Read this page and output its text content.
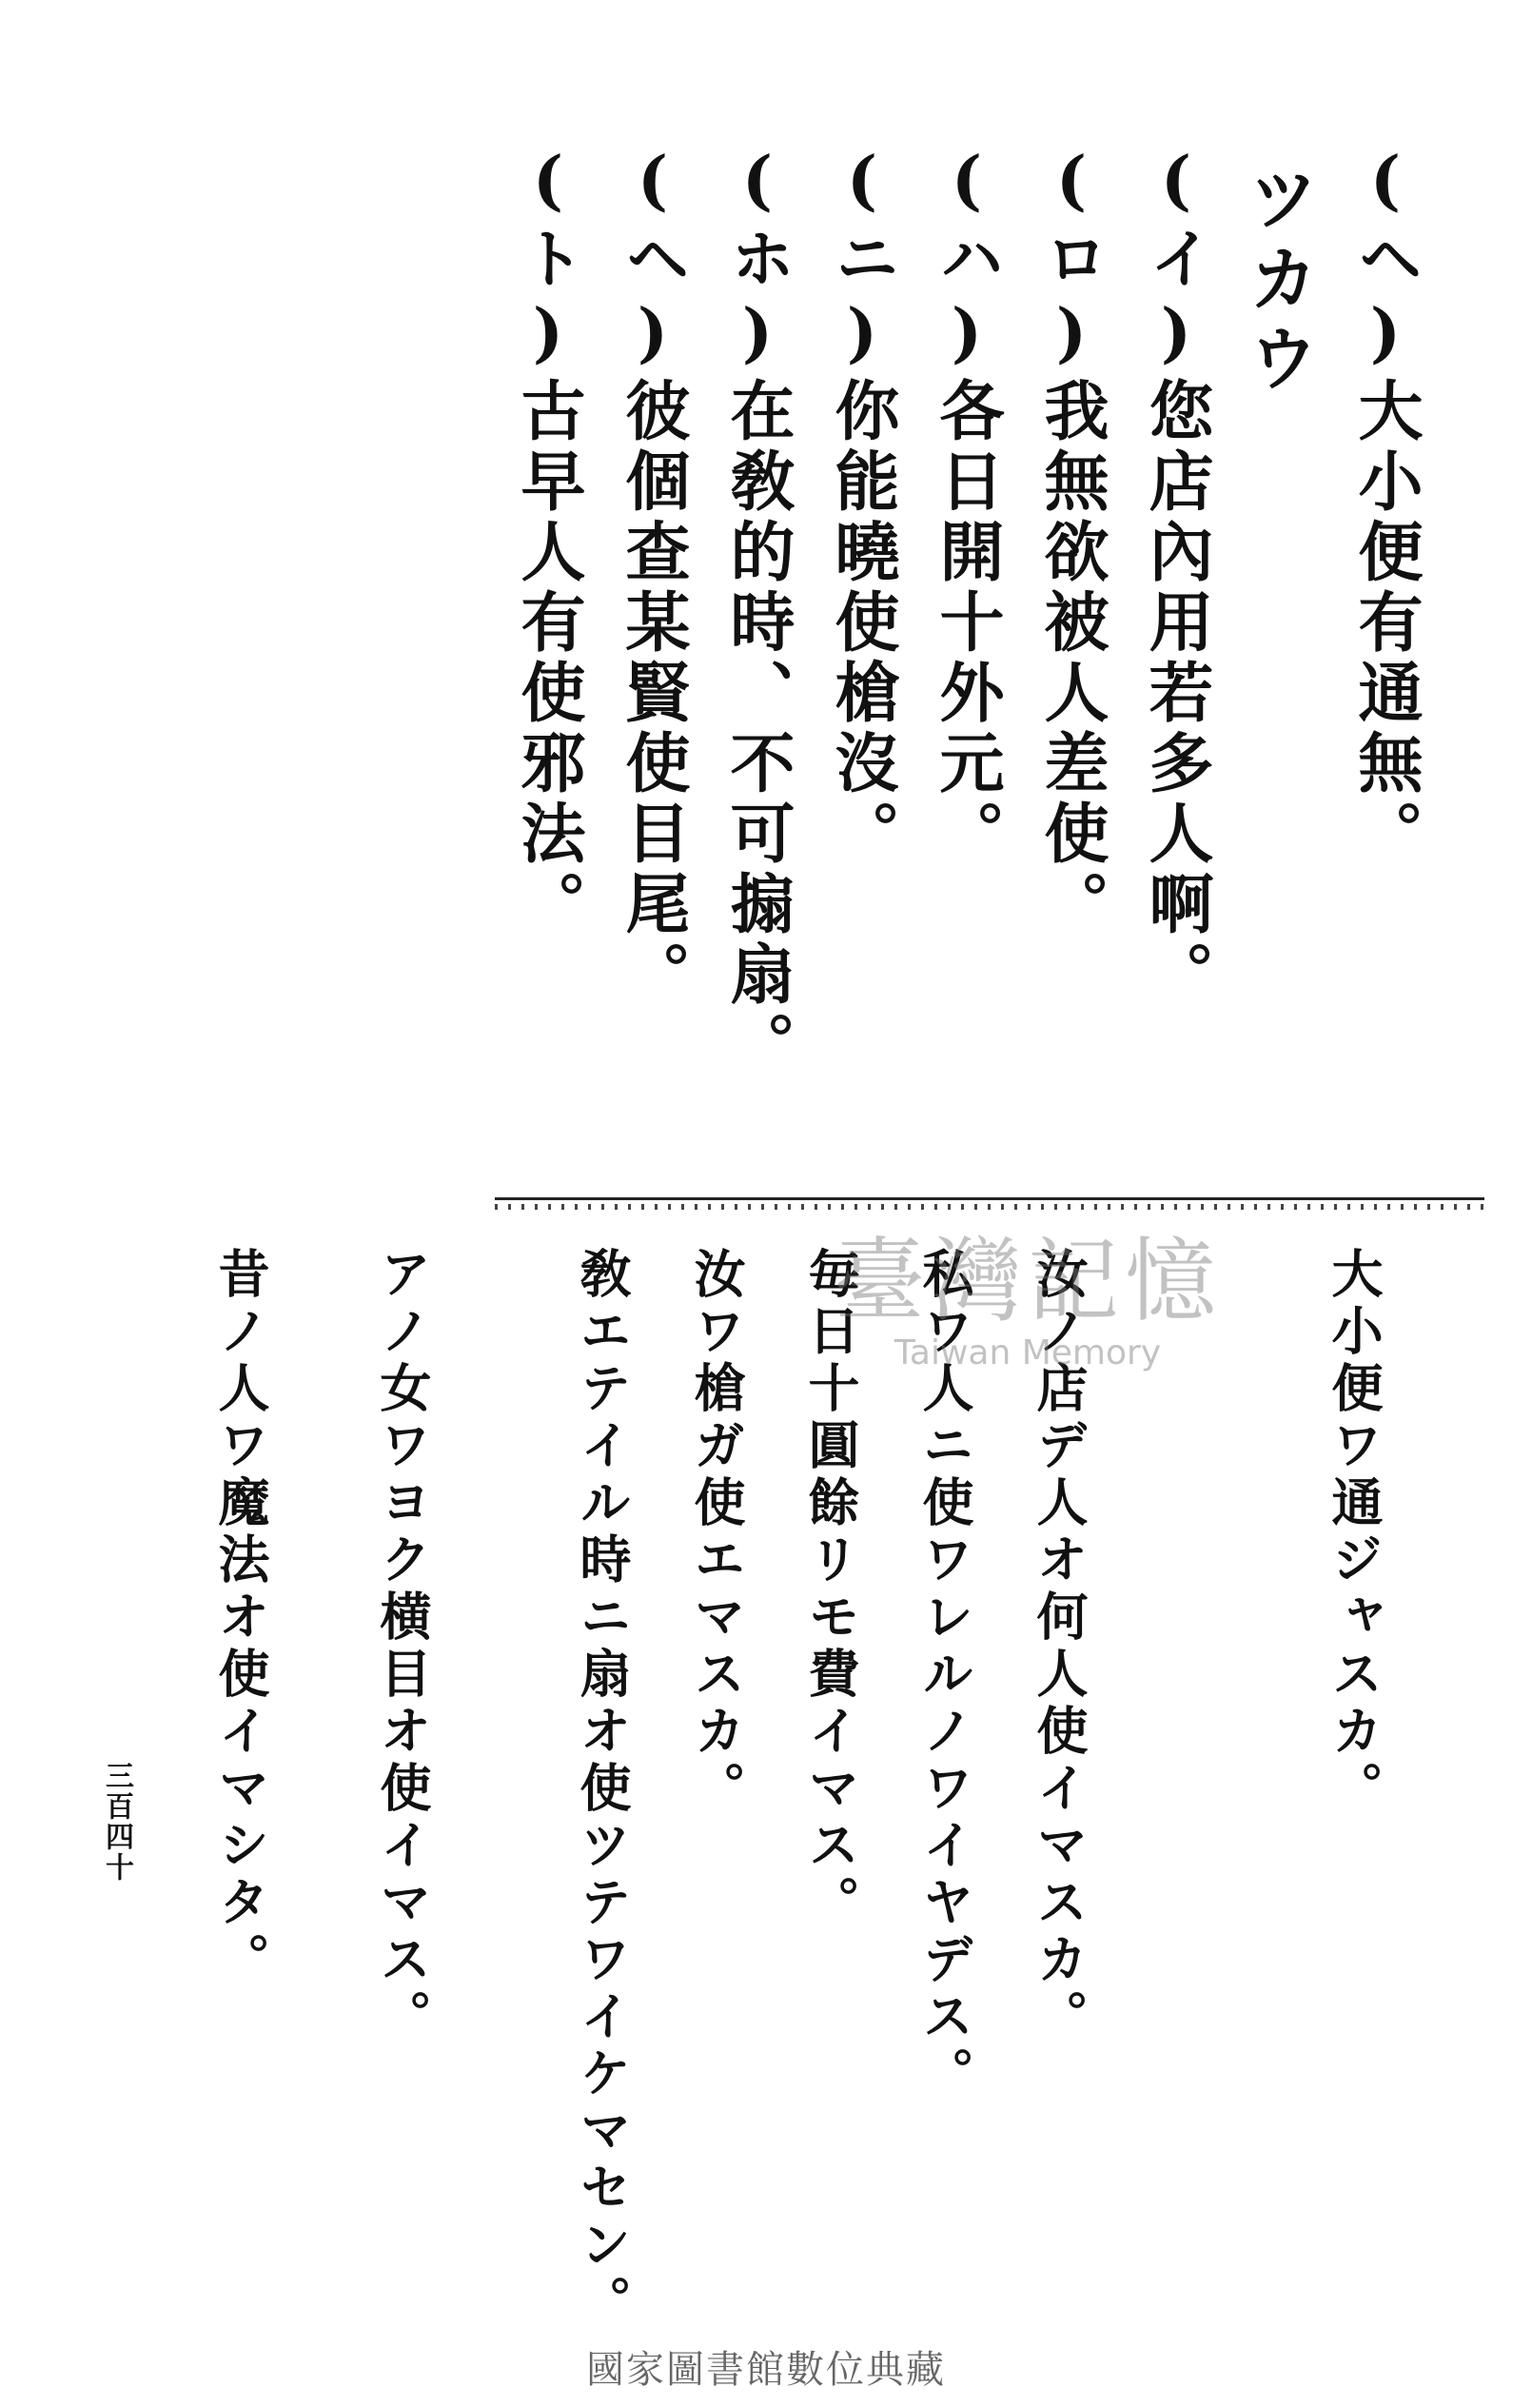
(ヘ)大小便有通無。
ツカウ
(イ)您店內用若多人啊。
(ロ)我無欲被人差使。
(ハ)各日開十外元。
(ニ)你能曉使槍沒。
(ホ)在敎的時、不可搧扇。
(ヘ)彼個查某賢使目尾。
(ト)古早人有使邪法。
大小便ワ通ジャスカ。
汝ノ店デ人オ何人使イマスカ。
私ワ人ニ使ワレルノワイヤデス。
毎日十圓餘リモ費イマス。
汝ワ槍ガ使エマスカ。
敎エテイル時ニ扇オ使ツテワイケマセン。
アノ女ワヨク横目オ使イマス。
昔ノ人ワ魔法オ使イマシタ。	臺灣記憶
Taiwan Memory
三百四十
國家圖書館數位典藏
